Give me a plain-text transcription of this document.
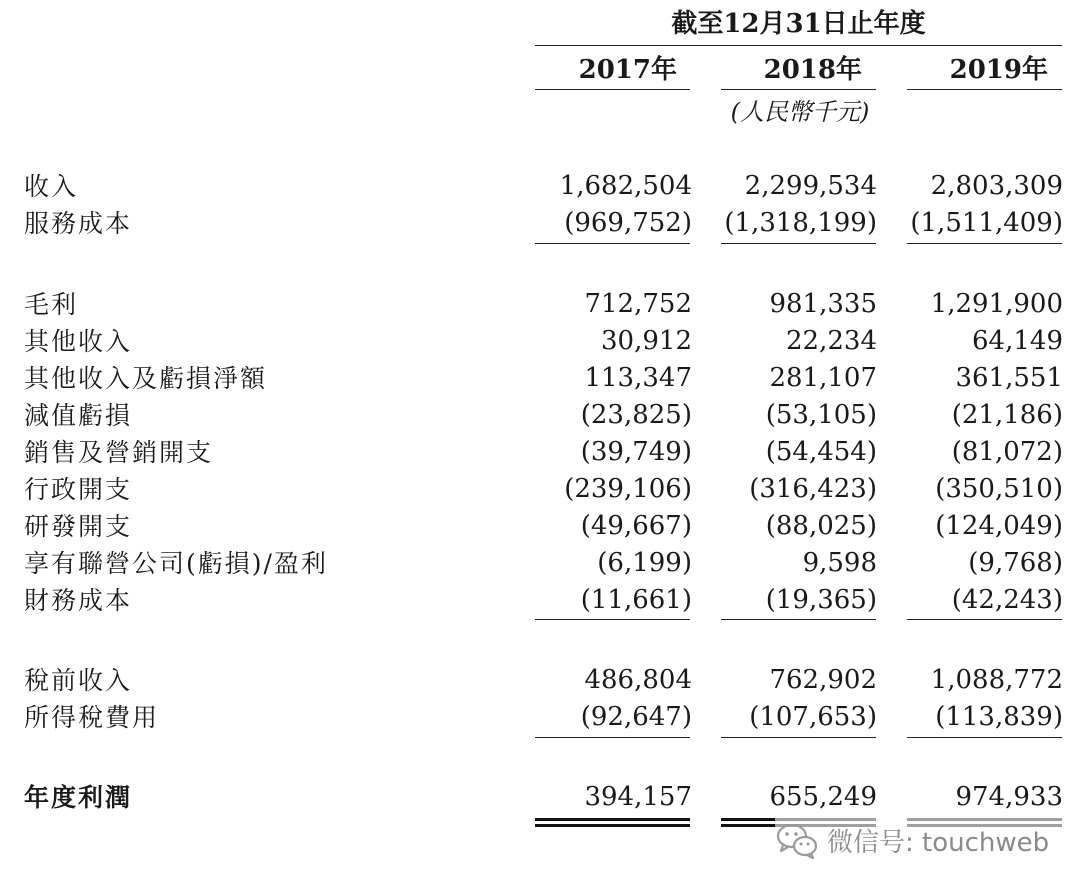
截至12月31日止年度
2017年	2018年	2019年
(人民幣千元)
收入	1,682,504	2,299,534	2,803,309
服務成本	(969,752)	(1,318,199)	(1,511,409)
毛利	712,752	981,335	1,291,900
其他收入	30,912	22,234	64,149
其他收入及虧損淨額	113,347	281,107	361,551
減值虧損	(23,825)	(53,105)	(21,186)
銷售及營銷開支	(39,749)	(54,454)	(81,072)
行政開支	(239,106)	(316,423)	(350,510)
研發開支	(49,667)	(88,025)	(124,049)
享有聯營公司(虧損)/盈利	(6,199)	9,598	(9,768)
財務成本	(11,661)	(19,365)	(42,243)
稅前收入	486,804	762,902	1,088,772
所得稅費用	(92,647)	(107,653)	(113,839)
年度利潤	394,157	655,249	974,933
微信号: touchweb
